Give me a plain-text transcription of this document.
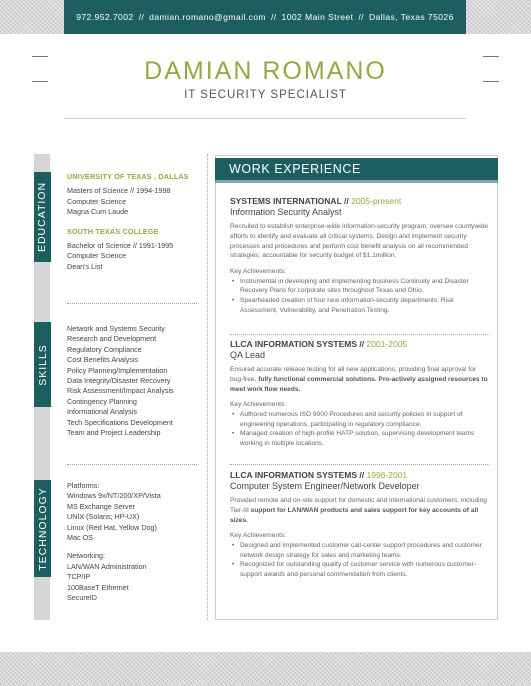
972.952.7002 // damian.romano@gmail.com // 1002 Main Street // Dallas, Texas 75026
DAMIAN ROMANO
IT SECURITY SPECIALIST
EDUCATION
SKILLS
TECHNOLOGY
UNIVERSITY OF TEXAS , DALLAS
Masters of Science // 1994-1998
Computer Science
Magna Cum Laude
SOUTH TEXAS COLLEGE
Bachelor of Science // 1991-1995
Computer Science
Dean's List
Network and Systems Security
Research and Development
Regulatory Compliance
Cost Benefits Analysis
Policy Planning/Implementation
Data Integrity/Disaster Recovery
Risk Assessment/Impact Analysis
Contingency Planning
Informational Analysis
Tech Specifications Development
Team and Project Leadership
Platforms:
Windows 9x/NT/200/XP/Vista
MS Exchange Server
UNIX (Solaris; HP-UX)
Linux (Red Hat, Yellow Dog)
Mac OS
Networking:
LAN/WAN Administration
TCP/IP
100BaseT Ethernet
SecureID
WORK EXPERIENCE
SYSTEMS INTERNATIONAL // 2005-present
Information Security Analyst
Recruited to establish enterprise-wide information-security program; oversee countywide efforts to identify and evaluate all critical systems. Design and implement security processes and procedures and perform cost benefit analysis on all recommended strategies; accountable for security budget of $1.1million.
Key Achievements:
• Instrumental in developing and implementing business Continuity and Disaster Recovery Plans for corporate sites throughout Texas and Ohio.
• Spearheaded creation of four new information-security departments: Risk Assessment, Vulnerability, and Penetration Testing.
LLCA INFORMATION SYSTEMS // 2001-2005
QA Lead
Ensured accurate release testing for all new applications, providing final approval for bug-free, fully functional commercial solutions. Pro-actively assigned resources to meet work flow needs.
Key Achievements:
• Authored numerous ISO 9000 Procedures and security policies in support of engineering operations, participating in regulatory compliance.
• Managed creation of high-profile HATP solution, supervising development teams working in multiple locations.
LLCA INFORMATION SYSTEMS // 1996-2001
Computer System Engineer/Network Developer
Provided remote and on-site support for domestic and international customers, including Tier-III support for LAN/WAN products and sales support for key accounts of all sizes.
Key Achievements:
• Designed and implemented customer call-center support procedures and customer network design strategy for sales and marketing teams.
• Recognized for outstanding quality of customer service with numerous customer-support awards and personal commendation from clients.
